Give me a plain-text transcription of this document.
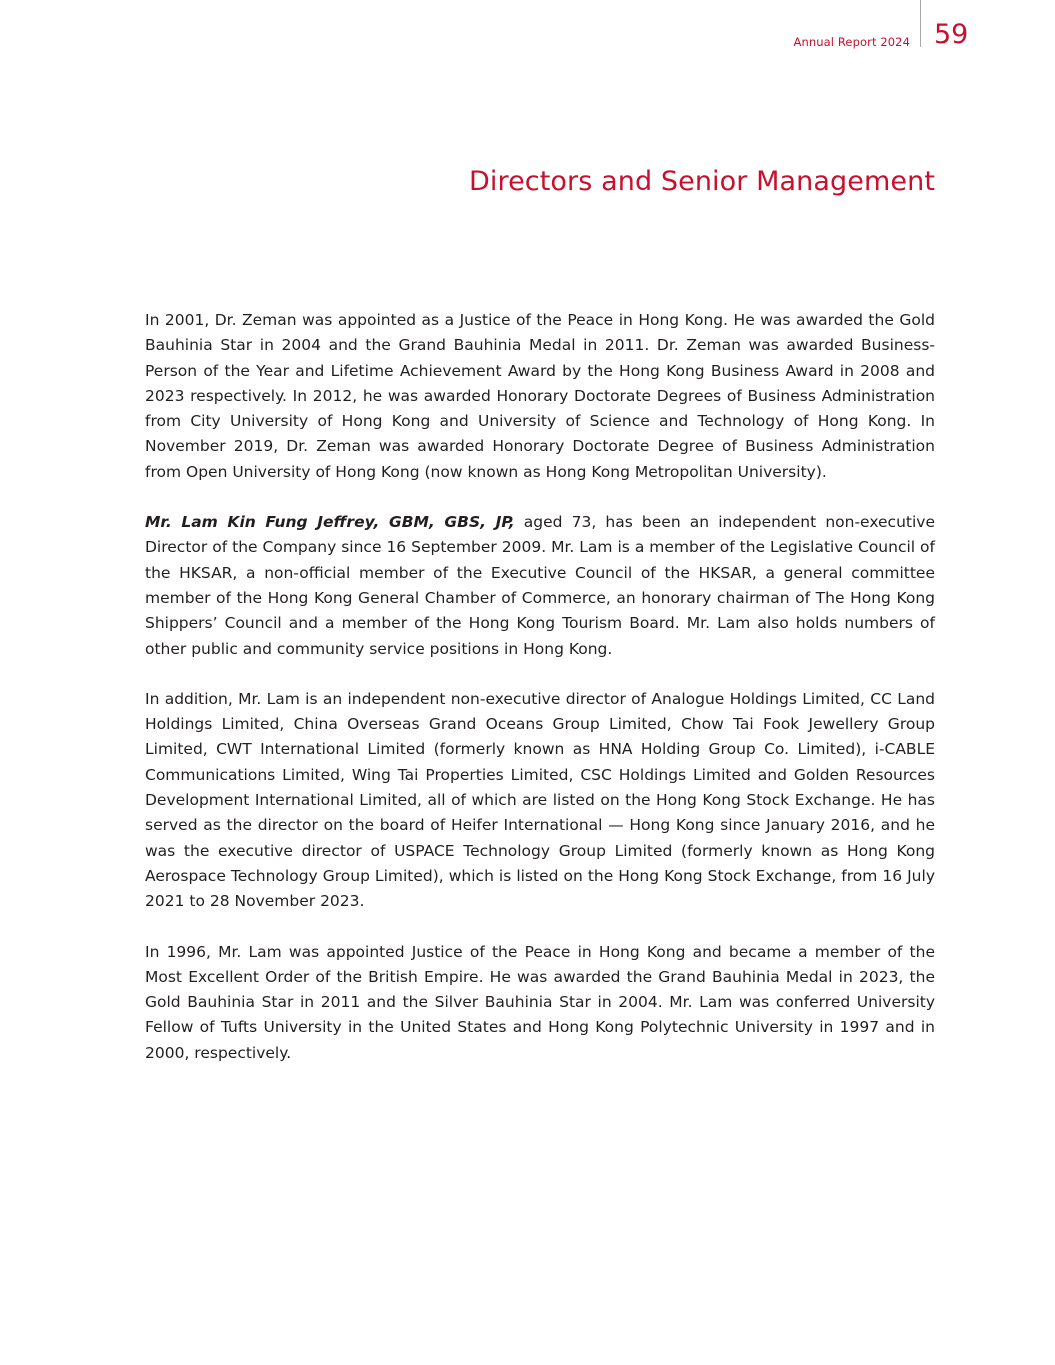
Annual Report 2024 59
Directors and Senior Management

In 2001, Dr. Zeman was appointed as a Justice of the Peace in Hong Kong. He was awarded the Gold Bauhinia Star in 2004 and the Grand Bauhinia Medal in 2011. Dr. Zeman was awarded Business-Person of the Year and Lifetime Achievement Award by the Hong Kong Business Award in 2008 and 2023 respectively. In 2012, he was awarded Honorary Doctorate Degrees of Business Administration from City University of Hong Kong and University of Science and Technology of Hong Kong. In November 2019, Dr. Zeman was awarded Honorary Doctorate Degree of Business Administration from Open University of Hong Kong (now known as Hong Kong Metropolitan University).

Mr. Lam Kin Fung Jeffrey, GBM, GBS, JP, aged 73, has been an independent non-executive Director of the Company since 16 September 2009. Mr. Lam is a member of the Legislative Council of the HKSAR, a non-official member of the Executive Council of the HKSAR, a general committee member of the Hong Kong General Chamber of Commerce, an honorary chairman of The Hong Kong Shippers’ Council and a member of the Hong Kong Tourism Board. Mr. Lam also holds numbers of other public and community service positions in Hong Kong.

In addition, Mr. Lam is an independent non-executive director of Analogue Holdings Limited, CC Land Holdings Limited, China Overseas Grand Oceans Group Limited, Chow Tai Fook Jewellery Group Limited, CWT International Limited (formerly known as HNA Holding Group Co. Limited), i-CABLE Communications Limited, Wing Tai Properties Limited, CSC Holdings Limited and Golden Resources Development International Limited, all of which are listed on the Hong Kong Stock Exchange. He has served as the director on the board of Heifer International — Hong Kong since January 2016, and he was the executive director of USPACE Technology Group Limited (formerly known as Hong Kong Aerospace Technology Group Limited), which is listed on the Hong Kong Stock Exchange, from 16 July 2021 to 28 November 2023.

In 1996, Mr. Lam was appointed Justice of the Peace in Hong Kong and became a member of the Most Excellent Order of the British Empire. He was awarded the Grand Bauhinia Medal in 2023, the Gold Bauhinia Star in 2011 and the Silver Bauhinia Star in 2004. Mr. Lam was conferred University Fellow of Tufts University in the United States and Hong Kong Polytechnic University in 1997 and in 2000, respectively.
